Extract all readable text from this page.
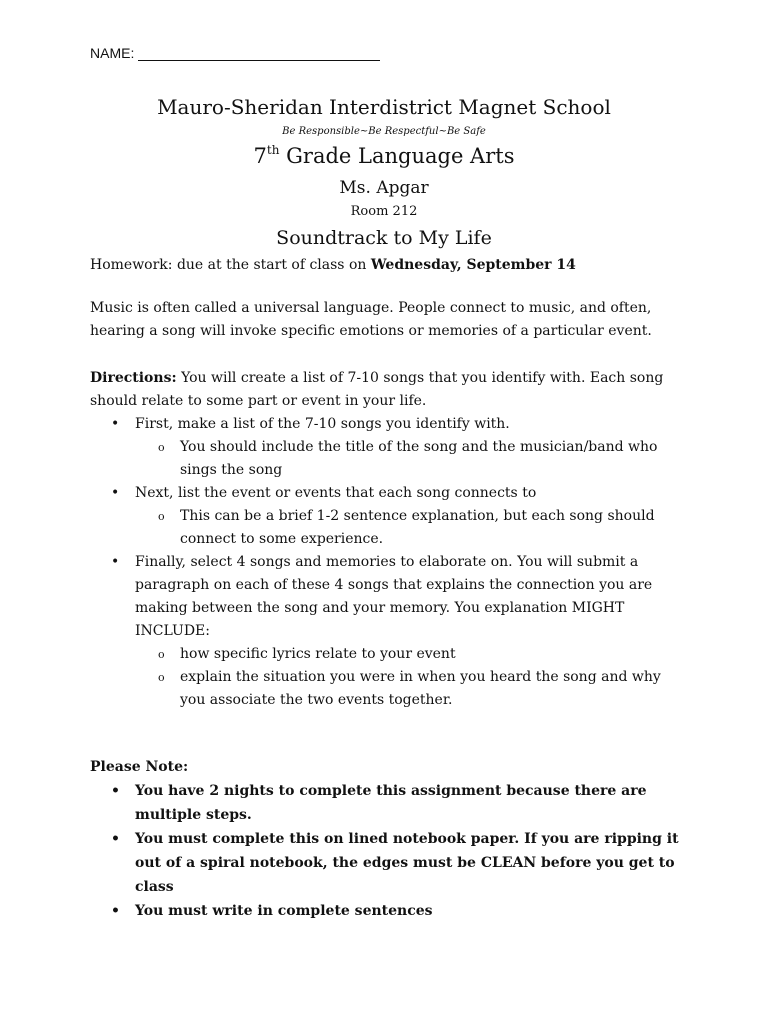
NAME:
Mauro-Sheridan Interdistrict Magnet School
Be Responsible~Be Respectful~Be Safe
7th Grade Language Arts
Ms. Apgar
Room 212
Soundtrack to My Life
Homework: due at the start of class on Wednesday, September 14
Music is often called a universal language. People connect to music, and often, hearing a song will invoke specific emotions or memories of a particular event.
Directions: You will create a list of 7-10 songs that you identify with. Each song should relate to some part or event in your life.
• First, make a list of the 7-10 songs you identify with.
o You should include the title of the song and the musician/band who sings the song
• Next, list the event or events that each song connects to
o This can be a brief 1-2 sentence explanation, but each song should connect to some experience.
• Finally, select 4 songs and memories to elaborate on. You will submit a paragraph on each of these 4 songs that explains the connection you are making between the song and your memory. You explanation MIGHT INCLUDE:
o how specific lyrics relate to your event
o explain the situation you were in when you heard the song and why you associate the two events together.
Please Note:
• You have 2 nights to complete this assignment because there are multiple steps.
• You must complete this on lined notebook paper. If you are ripping it out of a spiral notebook, the edges must be CLEAN before you get to class
• You must write in complete sentences
